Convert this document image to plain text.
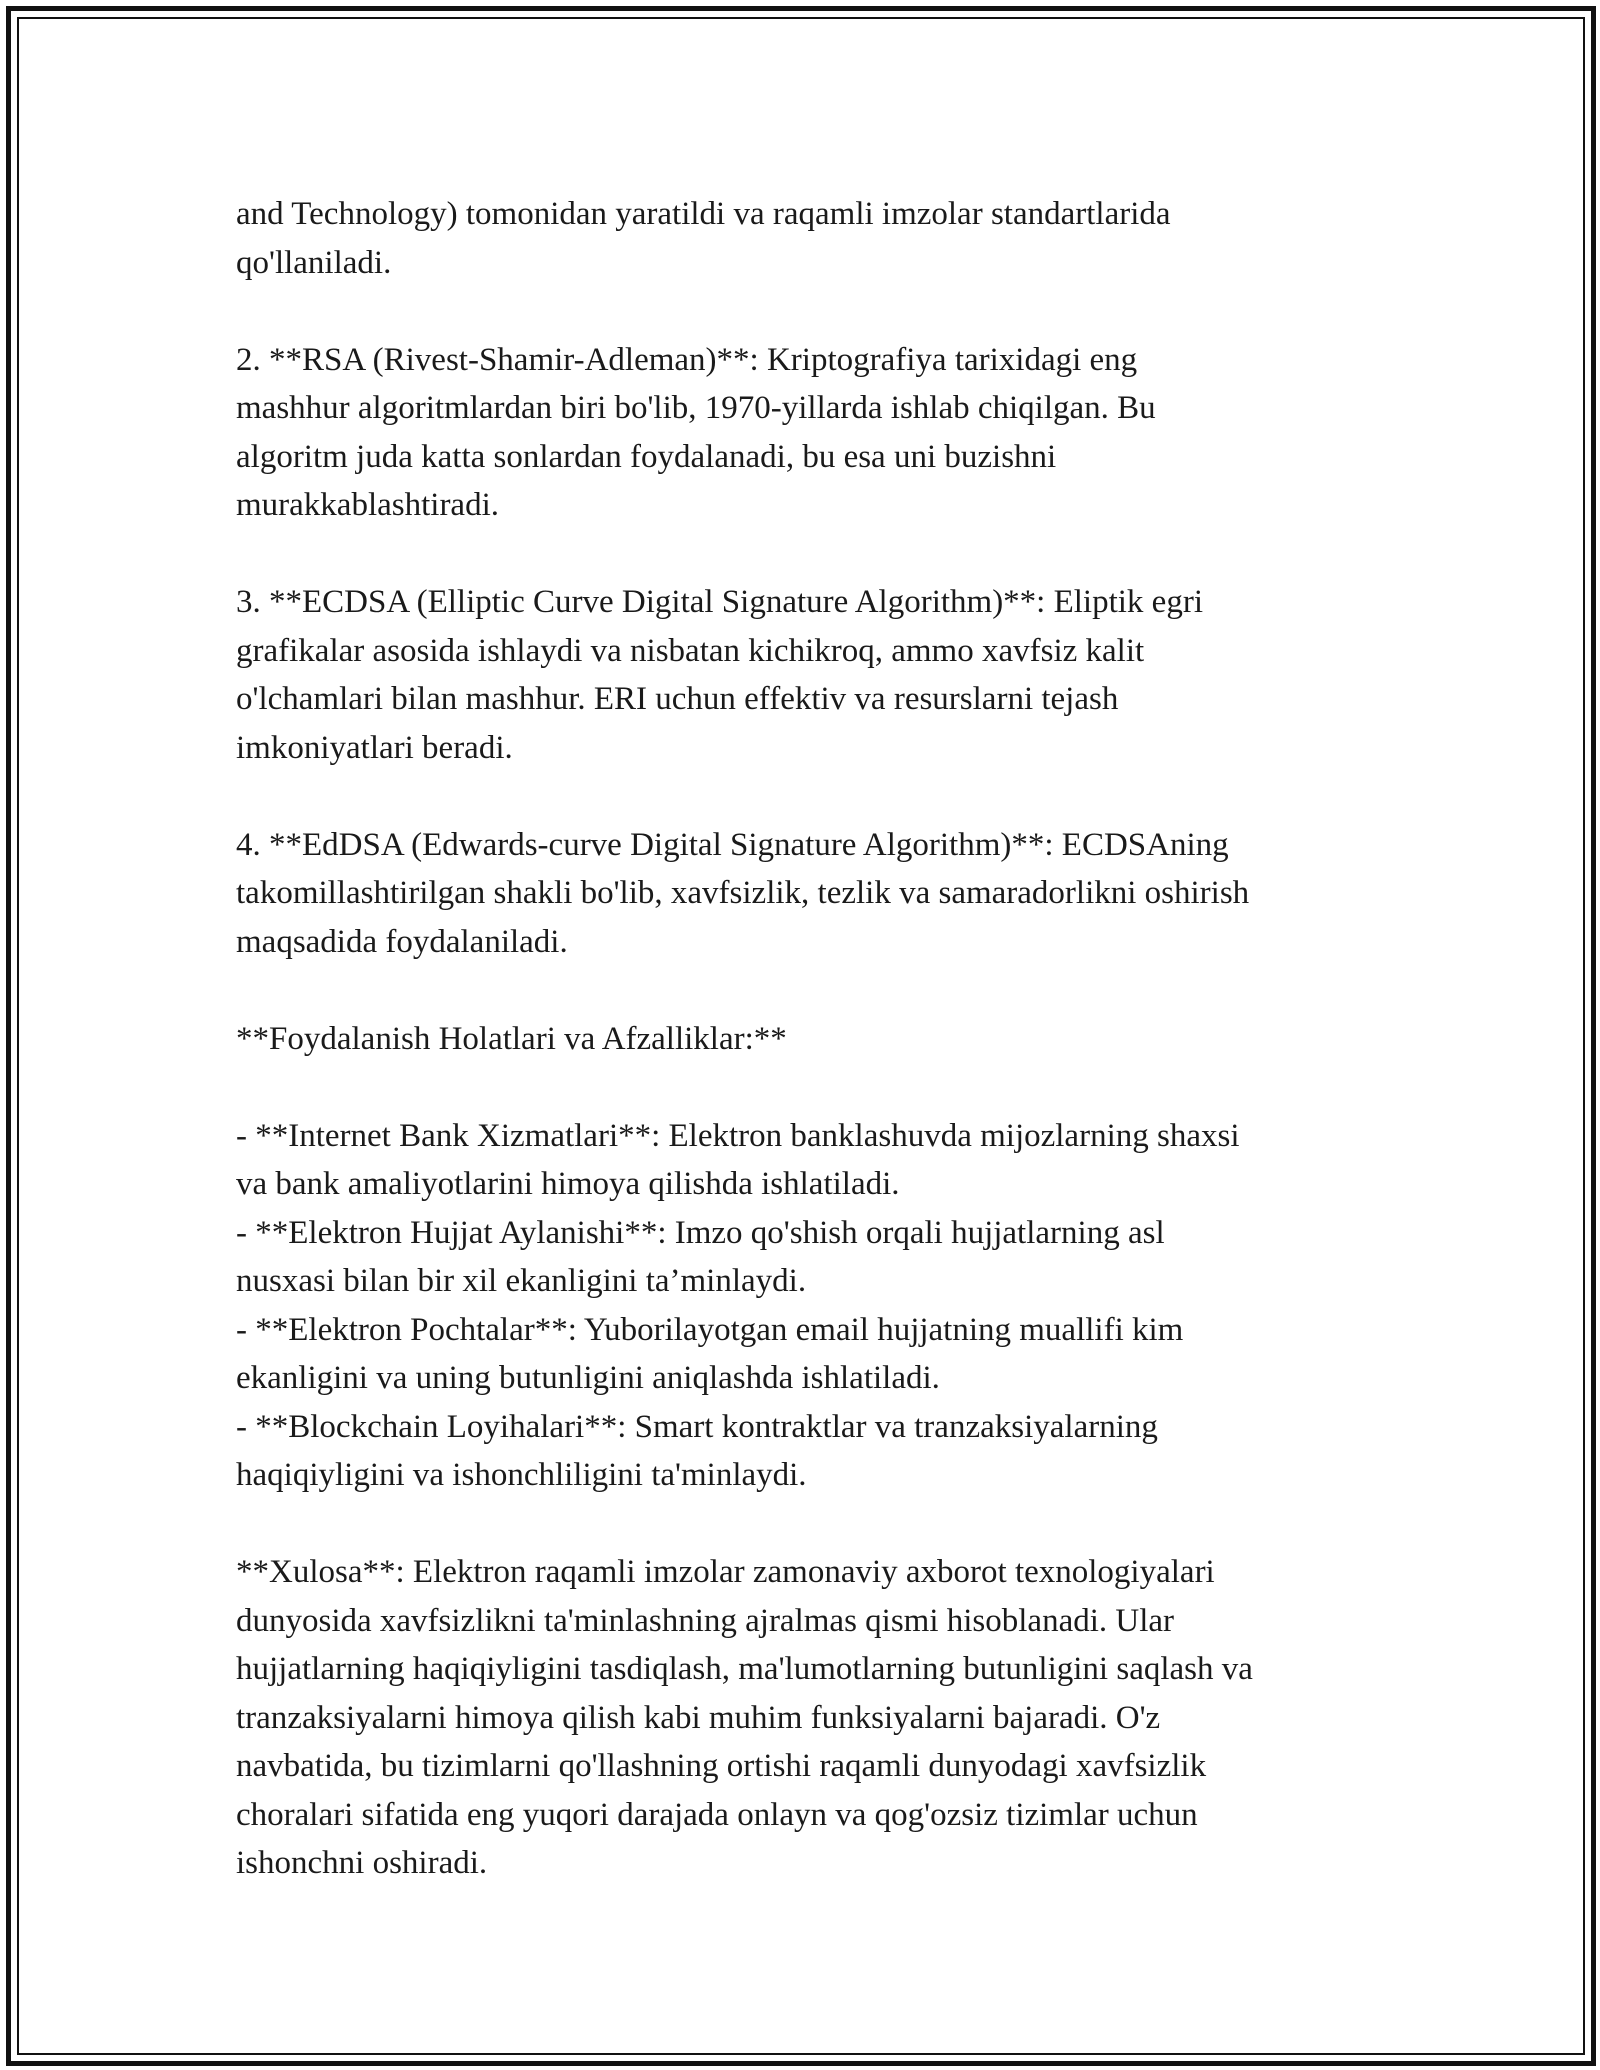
and Technology) tomonidan yaratildi va raqamli imzolar standartlarida
qo'llaniladi.
2. **RSA (Rivest-Shamir-Adleman)**: Kriptografiya tarixidagi eng
mashhur algoritmlardan biri bo'lib, 1970-yillarda ishlab chiqilgan. Bu
algoritm juda katta sonlardan foydalanadi, bu esa uni buzishni
murakkablashtiradi.
3. **ECDSA (Elliptic Curve Digital Signature Algorithm)**: Eliptik egri
grafikalar asosida ishlaydi va nisbatan kichikroq, ammo xavfsiz kalit
o'lchamlari bilan mashhur. ERI uchun effektiv va resurslarni tejash
imkoniyatlari beradi.
4. **EdDSA (Edwards-curve Digital Signature Algorithm)**: ECDSAning
takomillashtirilgan shakli bo'lib, xavfsizlik, tezlik va samaradorlikni oshirish
maqsadida foydalaniladi.
**Foydalanish Holatlari va Afzalliklar:**
- **Internet Bank Xizmatlari**: Elektron banklashuvda mijozlarning shaxsi
va bank amaliyotlarini himoya qilishda ishlatiladi.
- **Elektron Hujjat Aylanishi**: Imzo qo'shish orqali hujjatlarning asl
nusxasi bilan bir xil ekanligini ta’minlaydi.
- **Elektron Pochtalar**: Yuborilayotgan email hujjatning muallifi kim
ekanligini va uning butunligini aniqlashda ishlatiladi.
- **Blockchain Loyihalari**: Smart kontraktlar va tranzaksiyalarning
haqiqiyligini va ishonchliligini ta'minlaydi.
**Xulosa**: Elektron raqamli imzolar zamonaviy axborot texnologiyalari
dunyosida xavfsizlikni ta'minlashning ajralmas qismi hisoblanadi. Ular
hujjatlarning haqiqiyligini tasdiqlash, ma'lumotlarning butunligini saqlash va
tranzaksiyalarni himoya qilish kabi muhim funksiyalarni bajaradi. O'z
navbatida, bu tizimlarni qo'llashning ortishi raqamli dunyodagi xavfsizlik
choralari sifatida eng yuqori darajada onlayn va qog'ozsiz tizimlar uchun
ishonchni oshiradi.
